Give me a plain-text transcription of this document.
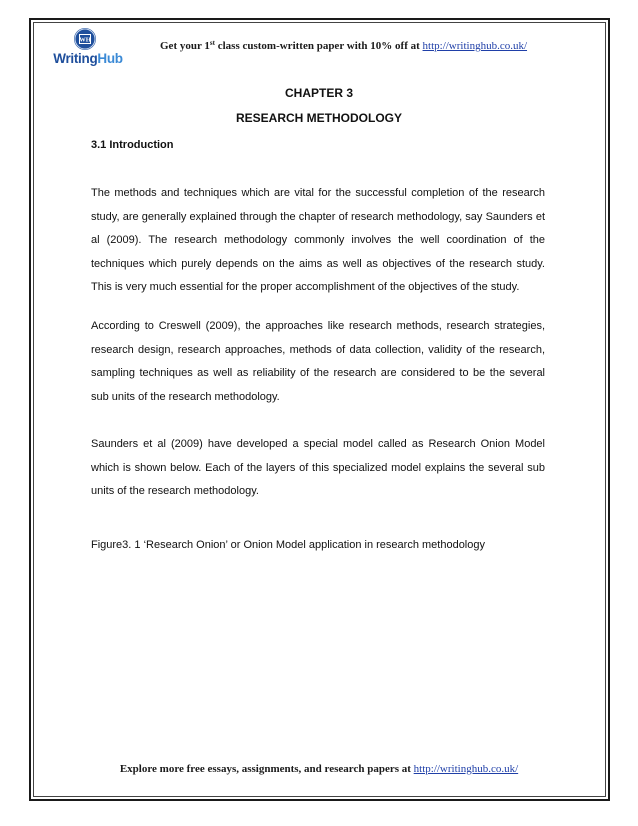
WH
WritingHub
Get your 1st class custom-written paper with 10% off at http://writinghub.co.uk/
CHAPTER 3
RESEARCH METHODOLOGY
3.1 Introduction
The methods and techniques which are vital for the successful completion of the research study, are generally explained through the chapter of research methodology, say Saunders et al (2009). The research methodology commonly involves the well coordination of the techniques which purely depends on the aims as well as objectives of the research study. This is very much essential for the proper accomplishment of the objectives of the study.
According to Creswell (2009), the approaches like research methods, research strategies, research design, research approaches, methods of data collection, validity of the research, sampling techniques as well as reliability of the research are considered to be the several sub units of the research methodology.
Saunders et al (2009) have developed a special model called as Research Onion Model which is shown below. Each of the layers of this specialized model explains the several sub units of the research methodology.
Figure3. 1 ‘Research Onion’ or Onion Model application in research methodology
Explore more free essays, assignments, and research papers at http://writinghub.co.uk/
